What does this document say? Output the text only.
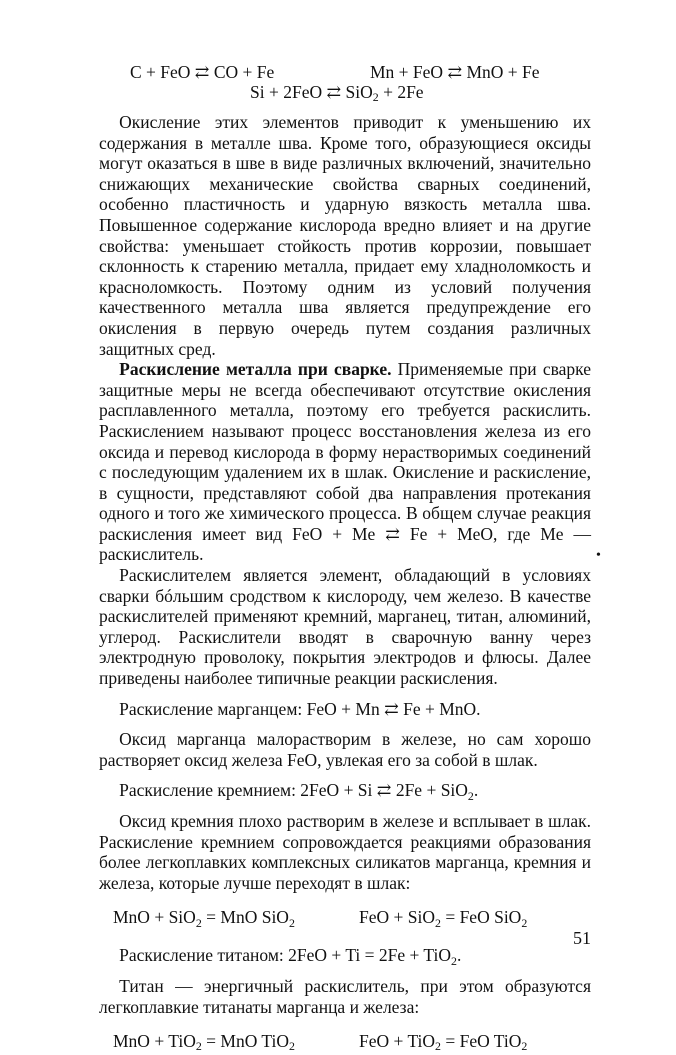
C + FeO ⇄ CO + Fe	Mn + FeO ⇄ MnO + Fe
Si + 2FeO ⇄ SiO$_2$ + 2Fe

Окисление этих элементов приводит к уменьшению их содержания в металле шва. Кроме того, образующиеся оксиды могут оказаться в шве в виде различных включений, значительно снижающих механические свойства сварных соединений, особенно пластичность и ударную вязкость металла шва. Повышенное содержание кислорода вредно влияет и на другие свойства: уменьшает стойкость против коррозии, повышает склонность к старению металла, придает ему хладноломкость и красноломкость. Поэтому одним из условий получения качественного металла шва является предупреждение его окисления в первую очередь путем создания различных защитных сред.

Раскисление металла при сварке. Применяемые при сварке защитные меры не всегда обеспечивают отсутствие окисления расплавленного металла, поэтому его требуется раскислить. Раскислением называют процесс восстановления железа из его оксида и перевод кислорода в форму нерастворимых соединений с последующим удалением их в шлак. Окисление и раскисление, в сущности, представляют собой два направления протекания одного и того же химического процесса. В общем случае реакция раскисления имеет вид FeO + Me ⇄ Fe + MeO, где Me — раскислитель.

Раскислителем является элемент, обладающий в условиях сварки бóльшим сродством к кислороду, чем железо. В качестве раскислителей применяют кремний, марганец, титан, алюминий, углерод. Раскислители вводят в сварочную ванну через электродную проволоку, покрытия электродов и флюсы. Далее приведены наиболее типичные реакции раскисления.

Раскисление марганцем: FeO + Mn ⇄ Fe + MnO.

Оксид марганца малорастворим в железе, но сам хорошо растворяет оксид железа FeO, увлекая его за собой в шлак.

Раскисление кремнием: 2FeO + Si ⇄ 2Fe + SiO$_2$.

Оксид кремния плохо растворим в железе и всплывает в шлак. Раскисление кремнием сопровождается реакциями образования более легкоплавких комплексных силикатов марганца, кремния и железа, которые лучше переходят в шлак:

MnO + SiO$_2$ = MnO SiO$_2$	FeO + SiO$_2$ = FeO SiO$_2$

Раскисление титаном: 2FeO + Ti = 2Fe + TiO$_2$.

Титан — энергичный раскислитель, при этом образуются легкоплавкие титанаты марганца и железа:

MnO + TiO$_2$ = MnO TiO$_2$	FeO + TiO$_2$ = FeO TiO$_2$
•
51
